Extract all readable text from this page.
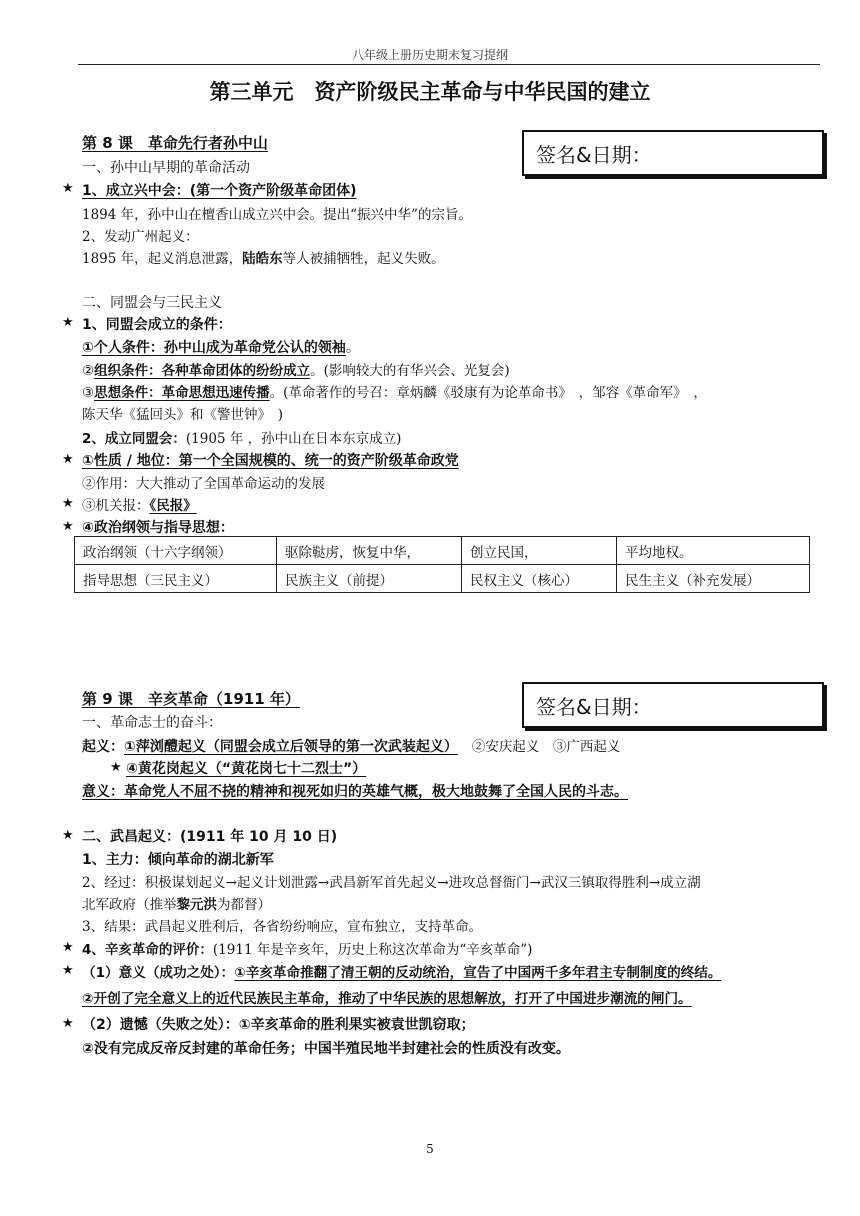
八年级上册历史期末复习提纲
第三单元　资产阶级民主革命与中华民国的建立
第 8 课　革命先行者孙中山	签名&日期：
一、孙中山早期的革命活动
★ 1、成立兴中会：(第一个资产阶级革命团体)
1894 年，孙中山在檀香山成立兴中会。提出“振兴中华”的宗旨。
2、发动广州起义：
1895 年，起义消息泄露，陆皓东等人被捕牺牲，起义失败。
二、同盟会与三民主义
★ 1、同盟会成立的条件：
①个人条件：孙中山成为革命党公认的领袖。
②组织条件：各种革命团体的纷纷成立。(影响较大的有华兴会、光复会)
③思想条件：革命思想迅速传播。(革命著作的号召：章炳麟《驳康有为论革命书》　，邹容《革命军》　，
陈天华《猛回头》和《警世钟》　)
2、成立同盟会：(1905 年 ，孙中山在日本东京成立)
★ ①性质 / 地位：第一个全国规模的、统一的资产阶级革命政党
②作用：大大推动了全国革命运动的发展
★ ③机关报：《民报》
★ ④政治纲领与指导思想：
政治纲领（十六字纲领）	驱除鞑虏，恢复中华，	创立民国，	平均地权。
指导思想（三民主义）	民族主义（前提）	民权主义（核心）	民生主义（补充发展）
第 9 课　辛亥革命（1911 年）	签名&日期：
一、革命志士的奋斗：
起义：①萍浏醴起义（同盟会成立后领导的第一次武装起义） ②安庆起义　③广西起义
★ ④黄花岗起义（“黄花岗七十二烈士”）
意义：革命党人不屈不挠的精神和视死如归的英雄气概，极大地鼓舞了全国人民的斗志。
★ 二、武昌起义：(1911 年 10 月 10 日)
1、主力：倾向革命的湖北新军
2、经过：积极谋划起义→起义计划泄露→武昌新军首先起义→进攻总督衙门→武汉三镇取得胜利→成立湖
北军政府（推举黎元洪为都督）
3、结果：武昌起义胜利后，各省纷纷响应，宣布独立，支持革命。
★ 4、辛亥革命的评价：(1911 年是辛亥年，历史上称这次革命为“辛亥革命”)
★ （1）意义（成功之处）：①辛亥革命推翻了清王朝的反动统治，宣告了中国两千多年君主专制制度的终结。
②开创了完全意义上的近代民族民主革命，推动了中华民族的思想解放，打开了中国进步潮流的闸门。
★ （2）遗憾（失败之处）：①辛亥革命的胜利果实被袁世凯窃取；
②没有完成反帝反封建的革命任务；中国半殖民地半封建社会的性质没有改变。
5
